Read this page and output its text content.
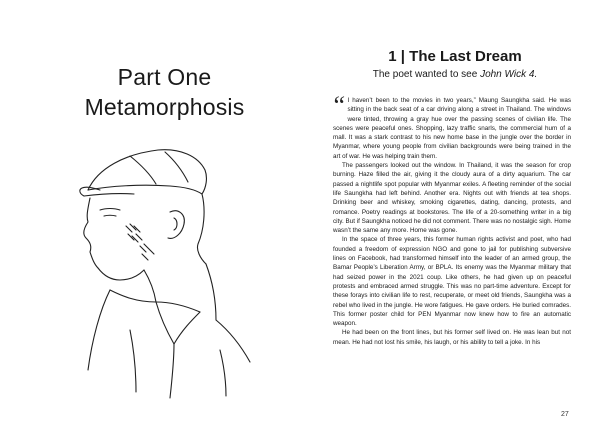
Part One
Metamorphosis
1 | The Last Dream
The poet wanted to see John Wick 4.

“ I haven’t been to the movies in two years,” Maung Saungkha said. He was sitting in the back seat of a car driving along a street in Thailand. The windows were tinted, throwing a gray hue over the passing scenes of civilian life. The scenes were peaceful ones. Shopping, lazy traffic snarls, the commercial hum of a mall. It was a stark contrast to his new home base in the jungle over the border in Myanmar, where young people from civilian backgrounds were being trained in the art of war. He was helping train them.

The passengers looked out the window. In Thailand, it was the season for crop burning. Haze filled the air, giving it the cloudy aura of a dirty aquarium. The car passed a nightlife spot popular with Myanmar exiles. A fleeting reminder of the social life Saungkha had left behind. Another era. Nights out with friends at tea shops. Drinking beer and whiskey, smoking cigarettes, dating, dancing, protests, and romance. Poetry readings at bookstores. The life of a 20-something writer in a big city. But if Saungkha noticed he did not comment. There was no nostalgic sigh. Home wasn’t the same any more. Home was gone.

In the space of three years, this former human rights activist and poet, who had founded a freedom of expression NGO and gone to jail for publishing subversive lines on Facebook, had transformed himself into the leader of an armed group, the Bamar People’s Liberation Army, or BPLA. Its enemy was the Myanmar military that had seized power in the 2021 coup. Like others, he had given up on peaceful protests and embraced armed struggle. This was no part-time adventure. Except for these forays into civilian life to rest, recuperate, or meet old friends, Saungkha was a rebel who lived in the jungle. He wore fatigues. He gave orders. He buried comrades. This former poster child for PEN Myanmar now knew how to fire an automatic weapon.

He had been on the front lines, but his former self lived on. He was lean but not mean. He had not lost his smile, his laugh, or his ability to tell a joke. In his

27
